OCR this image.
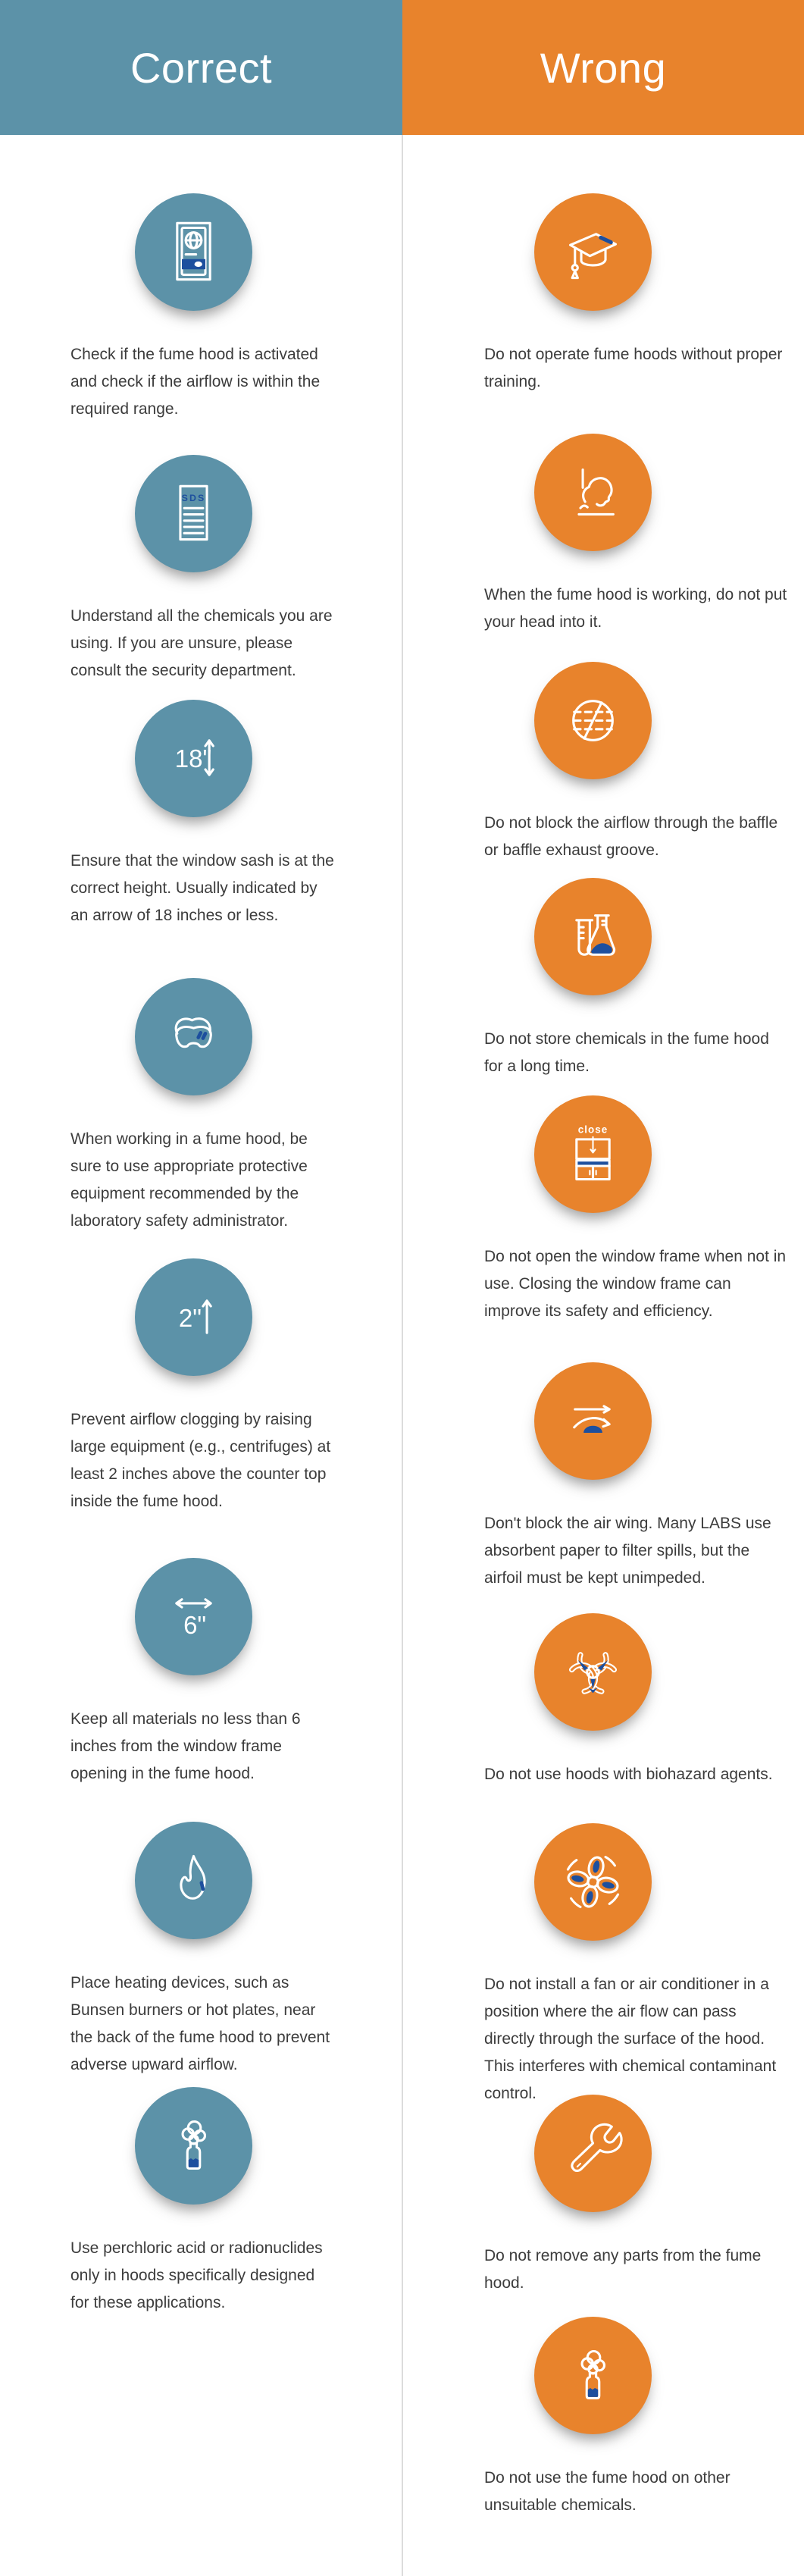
Correct	Wrong
Check if the fume hood is activated and check if the airflow is within the required range.
SDS
Understand all the chemicals you are using. If you are unsure, please consult the security department.
18"
Ensure that the window sash is at the correct height. Usually indicated by an arrow of 18 inches or less.
When working in a fume hood, be sure to use appropriate protective equipment recommended by the laboratory safety administrator.
2"
Prevent airflow clogging by raising large equipment (e.g., centrifuges) at least 2 inches above the counter top inside the fume hood.
6"
Keep all materials no less than 6 inches from the window frame opening in the fume hood.
Place heating devices, such as Bunsen burners or hot plates, near the back of the fume hood to prevent adverse upward airflow.
Use perchloric acid or radionuclides only in hoods specifically designed for these applications.
Do not operate fume hoods without proper training.
When the fume hood is working, do not put your head into it.
Do not block the airflow through the baffle or baffle exhaust groove.
Do not store chemicals in the fume hood for a long time.
close
Do not open the window frame when not in use. Closing the window frame can improve its safety and efficiency.
Don't block the air wing. Many LABS use absorbent paper to filter spills, but the airfoil must be kept unimpeded.
Do not use hoods with biohazard agents.
Do not install a fan or air conditioner in a position where the air flow can pass directly through the surface of the hood. This interferes with chemical contaminant control.
Do not remove any parts from the fume hood.
Do not use the fume hood on other unsuitable chemicals.
